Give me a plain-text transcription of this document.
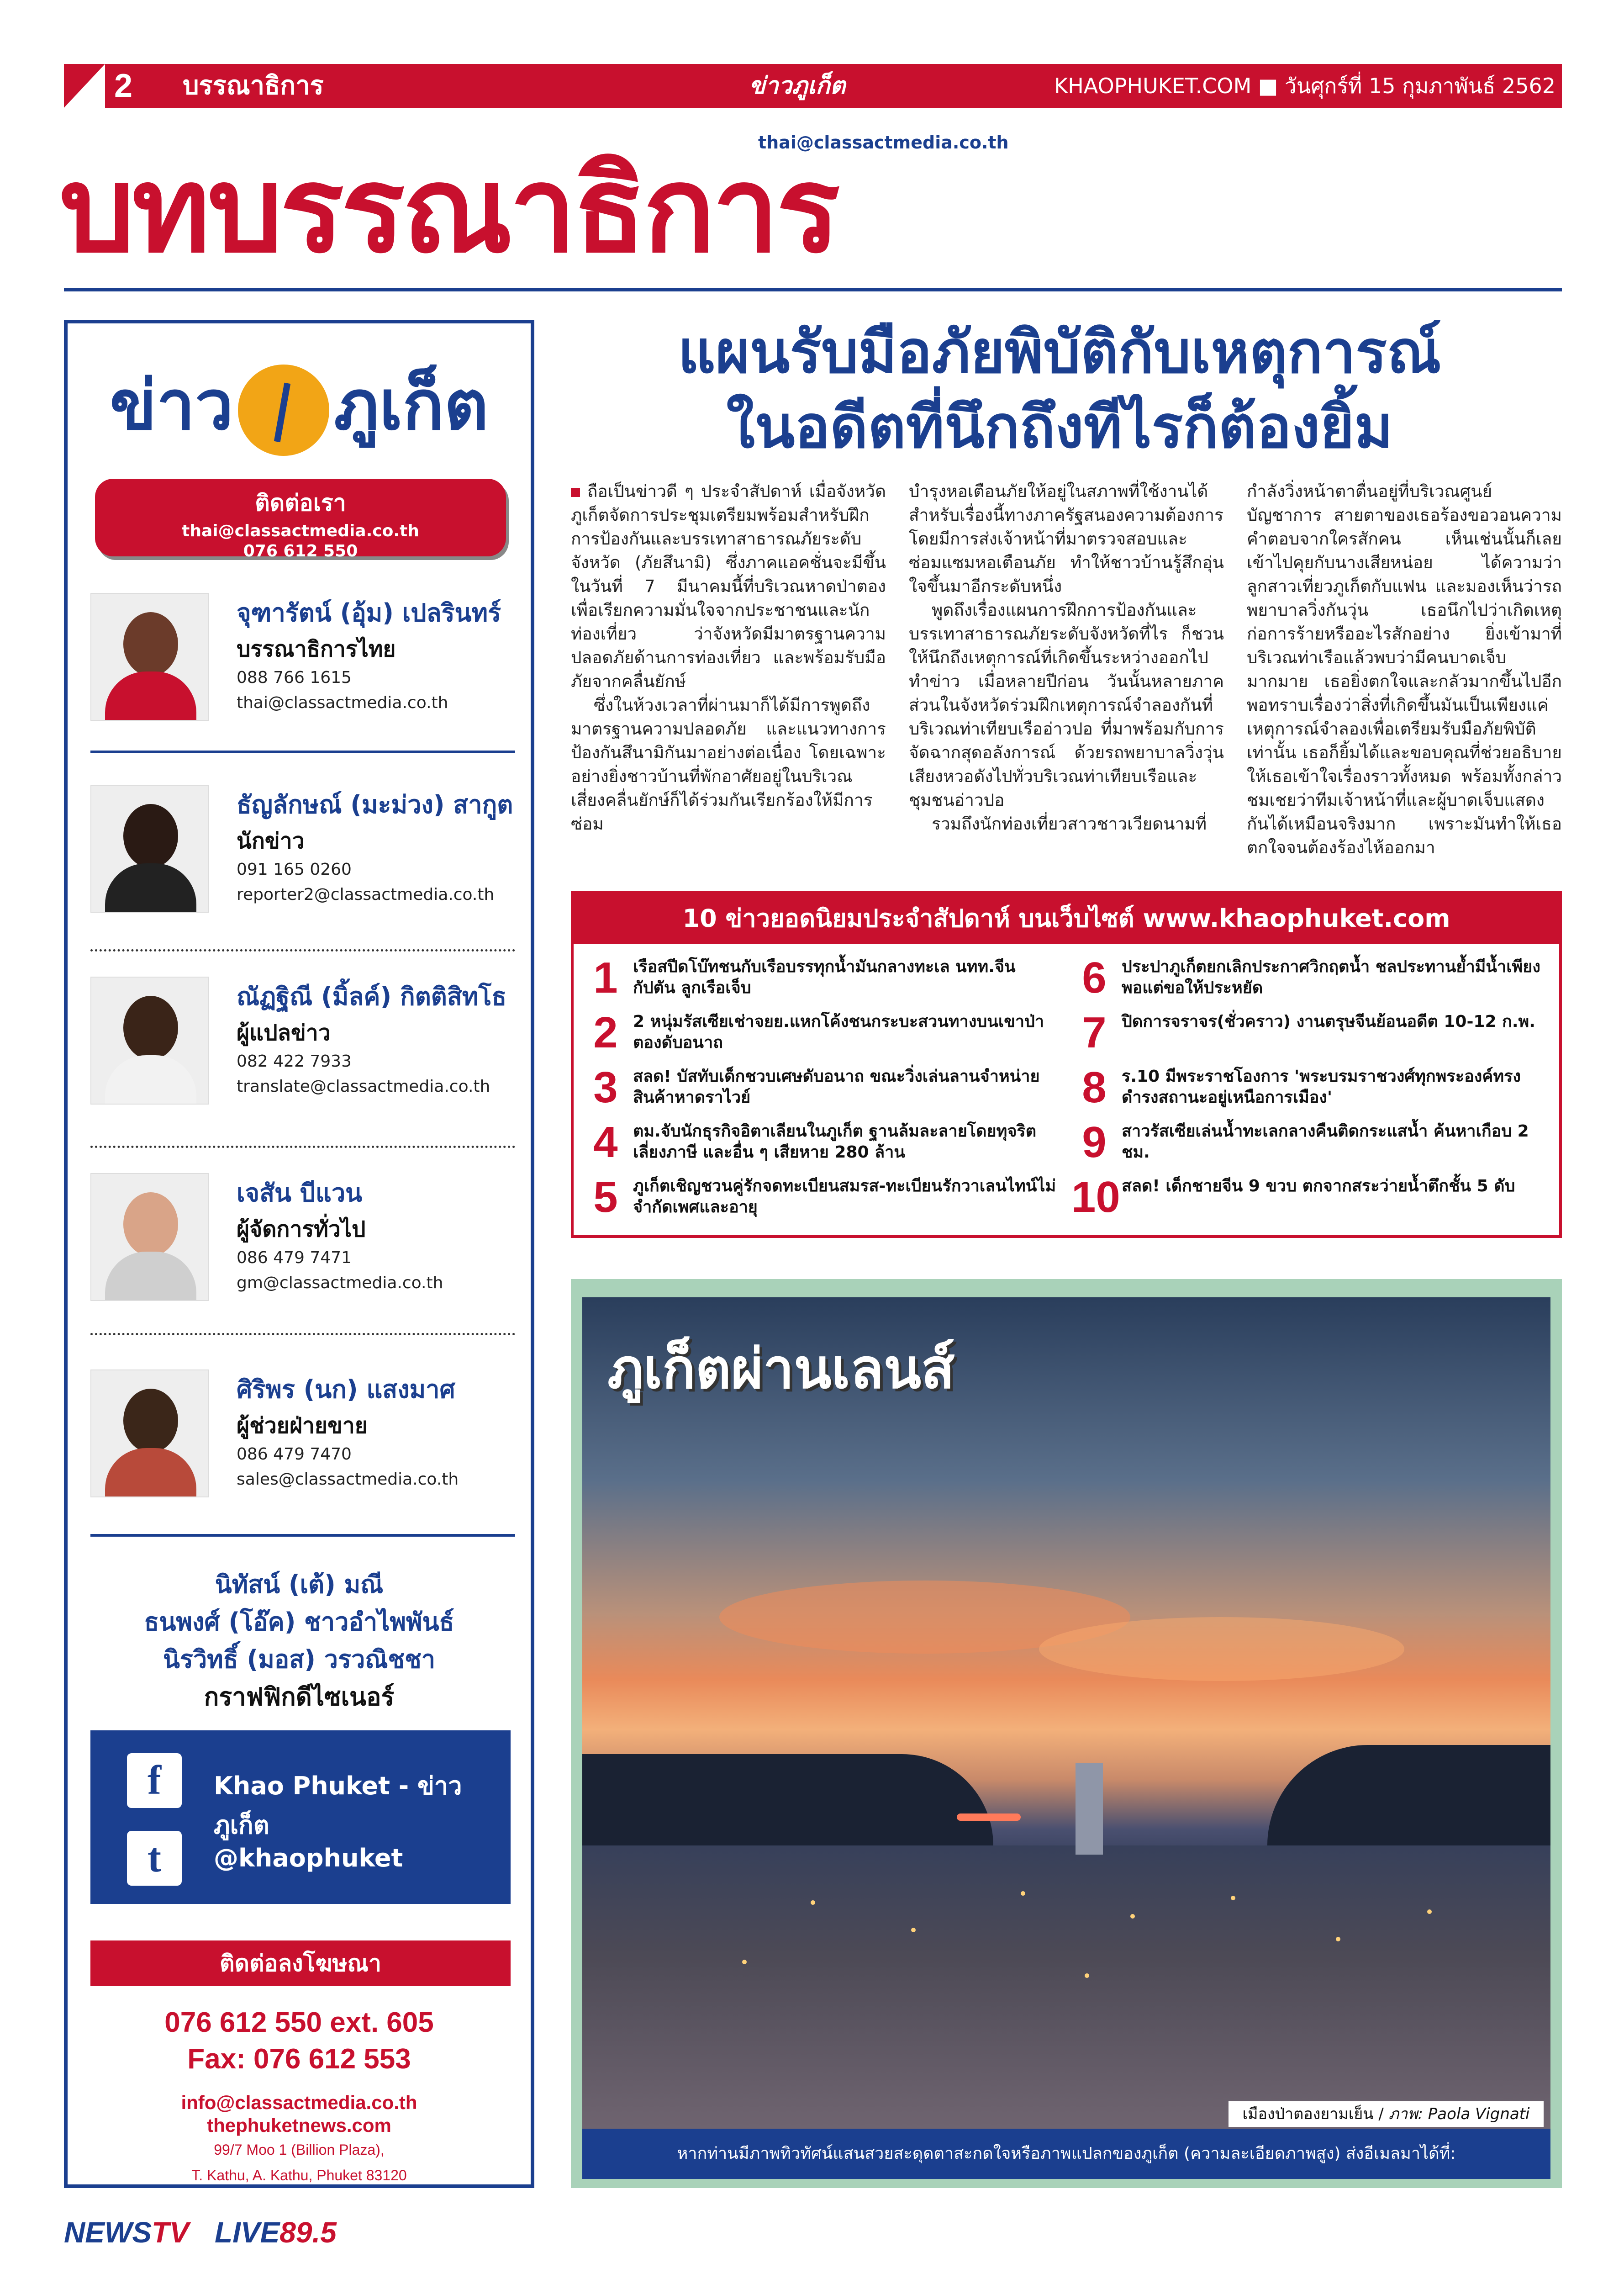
2 บรรณาธิการ	ข่าวภูเก็ต	KHAOPHUKET.COM ■ วันศุกร์ที่ 15 กุมภาพันธ์ 2562
บทบรรณาธิการ
thai@classactmedia.co.th
ข่าว ภูเก็ต
ติดต่อเรา
thai@classactmedia.co.th
076 612 550
จุฑารัตน์ (อุ้ม) เปลรินทร์
บรรณาธิการไทย
088 766 1615
thai@classactmedia.co.th
ธัญลักษณ์ (มะม่วง) สากูต
นักข่าว
091 165 0260
reporter2@classactmedia.co.th
ณัฏฐิณี (มิ้ลค์) กิตติสิทโธ
ผู้แปลข่าว
082 422 7933
translate@classactmedia.co.th
เจสัน บีแวน
ผู้จัดการทั่วไป
086 479 7471
gm@classactmedia.co.th
ศิริพร (นก) แสงมาศ
ผู้ช่วยฝ่ายขาย
086 479 7470
sales@classactmedia.co.th
นิทัสน์ (เต้) มณี
ธนพงศ์ (โอ๊ค) ชาวอำไพพันธ์
นิรวิทธิ์ (มอส) วรวณิชชา
กราฟฟิกดีไซเนอร์
f	Khao Phuket - ข่าวภูเก็ต
t	@khaophuket
ติดต่อลงโฆษณา
076 612 550 ext. 605
Fax: 076 612 553
info@classactmedia.co.th
thephuketnews.com
99/7 Moo 1 (Billion Plaza),
T. Kathu, A. Kathu, Phuket 83120
แผนรับมือภัยพิบัติกับเหตุการณ์
ในอดีตที่นึกถึงทีไรก็ต้องยิ้ม

ถือเป็นข่าวดี ๆ ประจำสัปดาห์ เมื่อจังหวัดภูเก็ตจัดการประชุมเตรียมพร้อมสำหรับฝึกการป้องกันและบรรเทาสาธารณภัยระดับจังหวัด (ภัยสึนามิ) ซึ่งภาคแอคชั่นจะมีขึ้นในวันที่ 7 มีนาคมนี้ที่บริเวณหาดป่าตอง เพื่อเรียกความมั่นใจจากประชาชนและนักท่องเที่ยว ว่าจังหวัดมีมาตรฐานความปลอดภัยด้านการท่องเที่ยว และพร้อมรับมือภัยจากคลื่นยักษ์

ซึ่งในห้วงเวลาที่ผ่านมาก็ได้มีการพูดถึงมาตรฐานความปลอดภัย และแนวทางการป้องกันสึนามิกันมาอย่างต่อเนื่อง โดยเฉพาะอย่างยิ่งชาวบ้านที่พักอาศัยอยู่ในบริเวณเสี่ยงคลื่นยักษ์ก็ได้ร่วมกันเรียกร้องให้มีการซ่อม

บำรุงหอเตือนภัยให้อยู่ในสภาพที่ใช้งานได้ สำหรับเรื่องนี้ทางภาครัฐสนองความต้องการ โดยมีการส่งเจ้าหน้าที่มาตรวจสอบและซ่อมแซมหอเตือนภัย ทำให้ชาวบ้านรู้สึกอุ่นใจขึ้นมาอีกระดับหนึ่ง

พูดถึงเรื่องแผนการฝึกการป้องกันและบรรเทาสาธารณภัยระดับจังหวัดที่ไร ก็ชวนให้นึกถึงเหตุการณ์ที่เกิดขึ้นระหว่างออกไปทำข่าว เมื่อหลายปีก่อน วันนั้นหลายภาคส่วนในจังหวัดร่วมฝึกเหตุการณ์จำลองกันที่บริเวณท่าเทียบเรืออ่าวปอ ที่มาพร้อมกับการจัดฉากสุดอลังการณ์ ด้วยรถพยาบาลวิ่งวุ่น เสียงหวอดังไปทั่วบริเวณท่าเทียบเรือและชุมชนอ่าวปอ

รวมถึงนักท่องเที่ยวสาวชาวเวียดนามที่

กำลังวิ่งหน้าตาตื่นอยู่ที่บริเวณศูนย์บัญชาการ สายตาของเธอร้องขอวอนความคำตอบจากใครสักคน เห็นเช่นนั้นก็เลยเข้าไปคุยกับนางเสียหน่อย ได้ความว่าลูกสาวเที่ยวภูเก็ตกับแฟน และมองเห็นว่ารถพยาบาลวิ่งกันวุ่น เธอนึกไปว่าเกิดเหตุก่อการร้ายหรืออะไรสักอย่าง ยิ่งเข้ามาที่บริเวณท่าเรือแล้วพบว่ามีคนบาดเจ็บมากมาย เธอยิ่งตกใจและกลัวมากขึ้นไปอีก พอทราบเรื่องว่าสิ่งที่เกิดขึ้นมันเป็นเพียงแค่เหตุการณ์จำลองเพื่อเตรียมรับมือภัยพิบัติเท่านั้น เธอก็ยิ้มได้และขอบคุณที่ช่วยอธิบายให้เธอเข้าใจเรื่องราวทั้งหมด พร้อมทั้งกล่าวชมเชยว่าทีมเจ้าหน้าที่และผู้บาดเจ็บแสดงกันได้เหมือนจริงมาก เพราะมันทำให้เธอตกใจจนต้องร้องไห้ออกมา

10 ข่าวยอดนิยมประจำสัปดาห์ บนเว็บไซต์ www.khaophuket.com
1 เรือสปีดโบ๊ทชนกับเรือบรรทุกน้ำมันกลางทะเล นทท.จีน กัปตัน ลูกเรือเจ็บ
2 2 หนุ่มรัสเซียเช่าจยย.แหกโค้งชนกระบะสวนทางบนเขาป่าตองดับอนาถ
3 สลด! บัสทับเด็กชวบเศษดับอนาถ ขณะวิ่งเล่นลานจำหน่ายสินค้าหาดราไวย์
4 ตม.จับนักธุรกิจอิตาเลียนในภูเก็ต ฐานล้มละลายโดยทุจริตเลี่ยงภาษี และอื่น ๆ เสียหาย 280 ล้าน
5 ภูเก็ตเชิญชวนคู่รักจดทะเบียนสมรส-ทะเบียนรักวาเลนไทน์ไม่จำกัดเพศและอายุ
6 ประปาภูเก็ตยกเลิกประกาศวิกฤตน้ำ ชลประทานย้ำมีน้ำเพียงพอแต่ขอให้ประหยัด
7 ปิดการจราจร(ชั่วคราว) งานตรุษจีนย้อนอดีต 10-12 ก.พ.
8 ร.10 มีพระราชโองการ 'พระบรมราชวงศ์ทุกพระองค์ทรงดำรงสถานะอยู่เหนือการเมือง'
9 สาวรัสเซียเล่นน้ำทะเลกลางคืนติดกระแสน้ำ ค้นหาเกือบ 2 ชม.
10 สลด! เด็กชายจีน 9 ขวบ ตกจากสระว่ายน้ำตึกชั้น 5 ดับ
ภูเก็ตผ่านเลนส์
เมืองป่าตองยามเย็น / ภาพ: Paola Vignati
หากท่านมีภาพทิวทัศน์แสนสวยสะดุดตาสะกดใจหรือภาพแปลกของภูเก็ต (ความละเอียดภาพสูง) ส่งอีเมลมาได้ที่: thai@classactmedia.co.th
NEWSTV LIVE89.5
